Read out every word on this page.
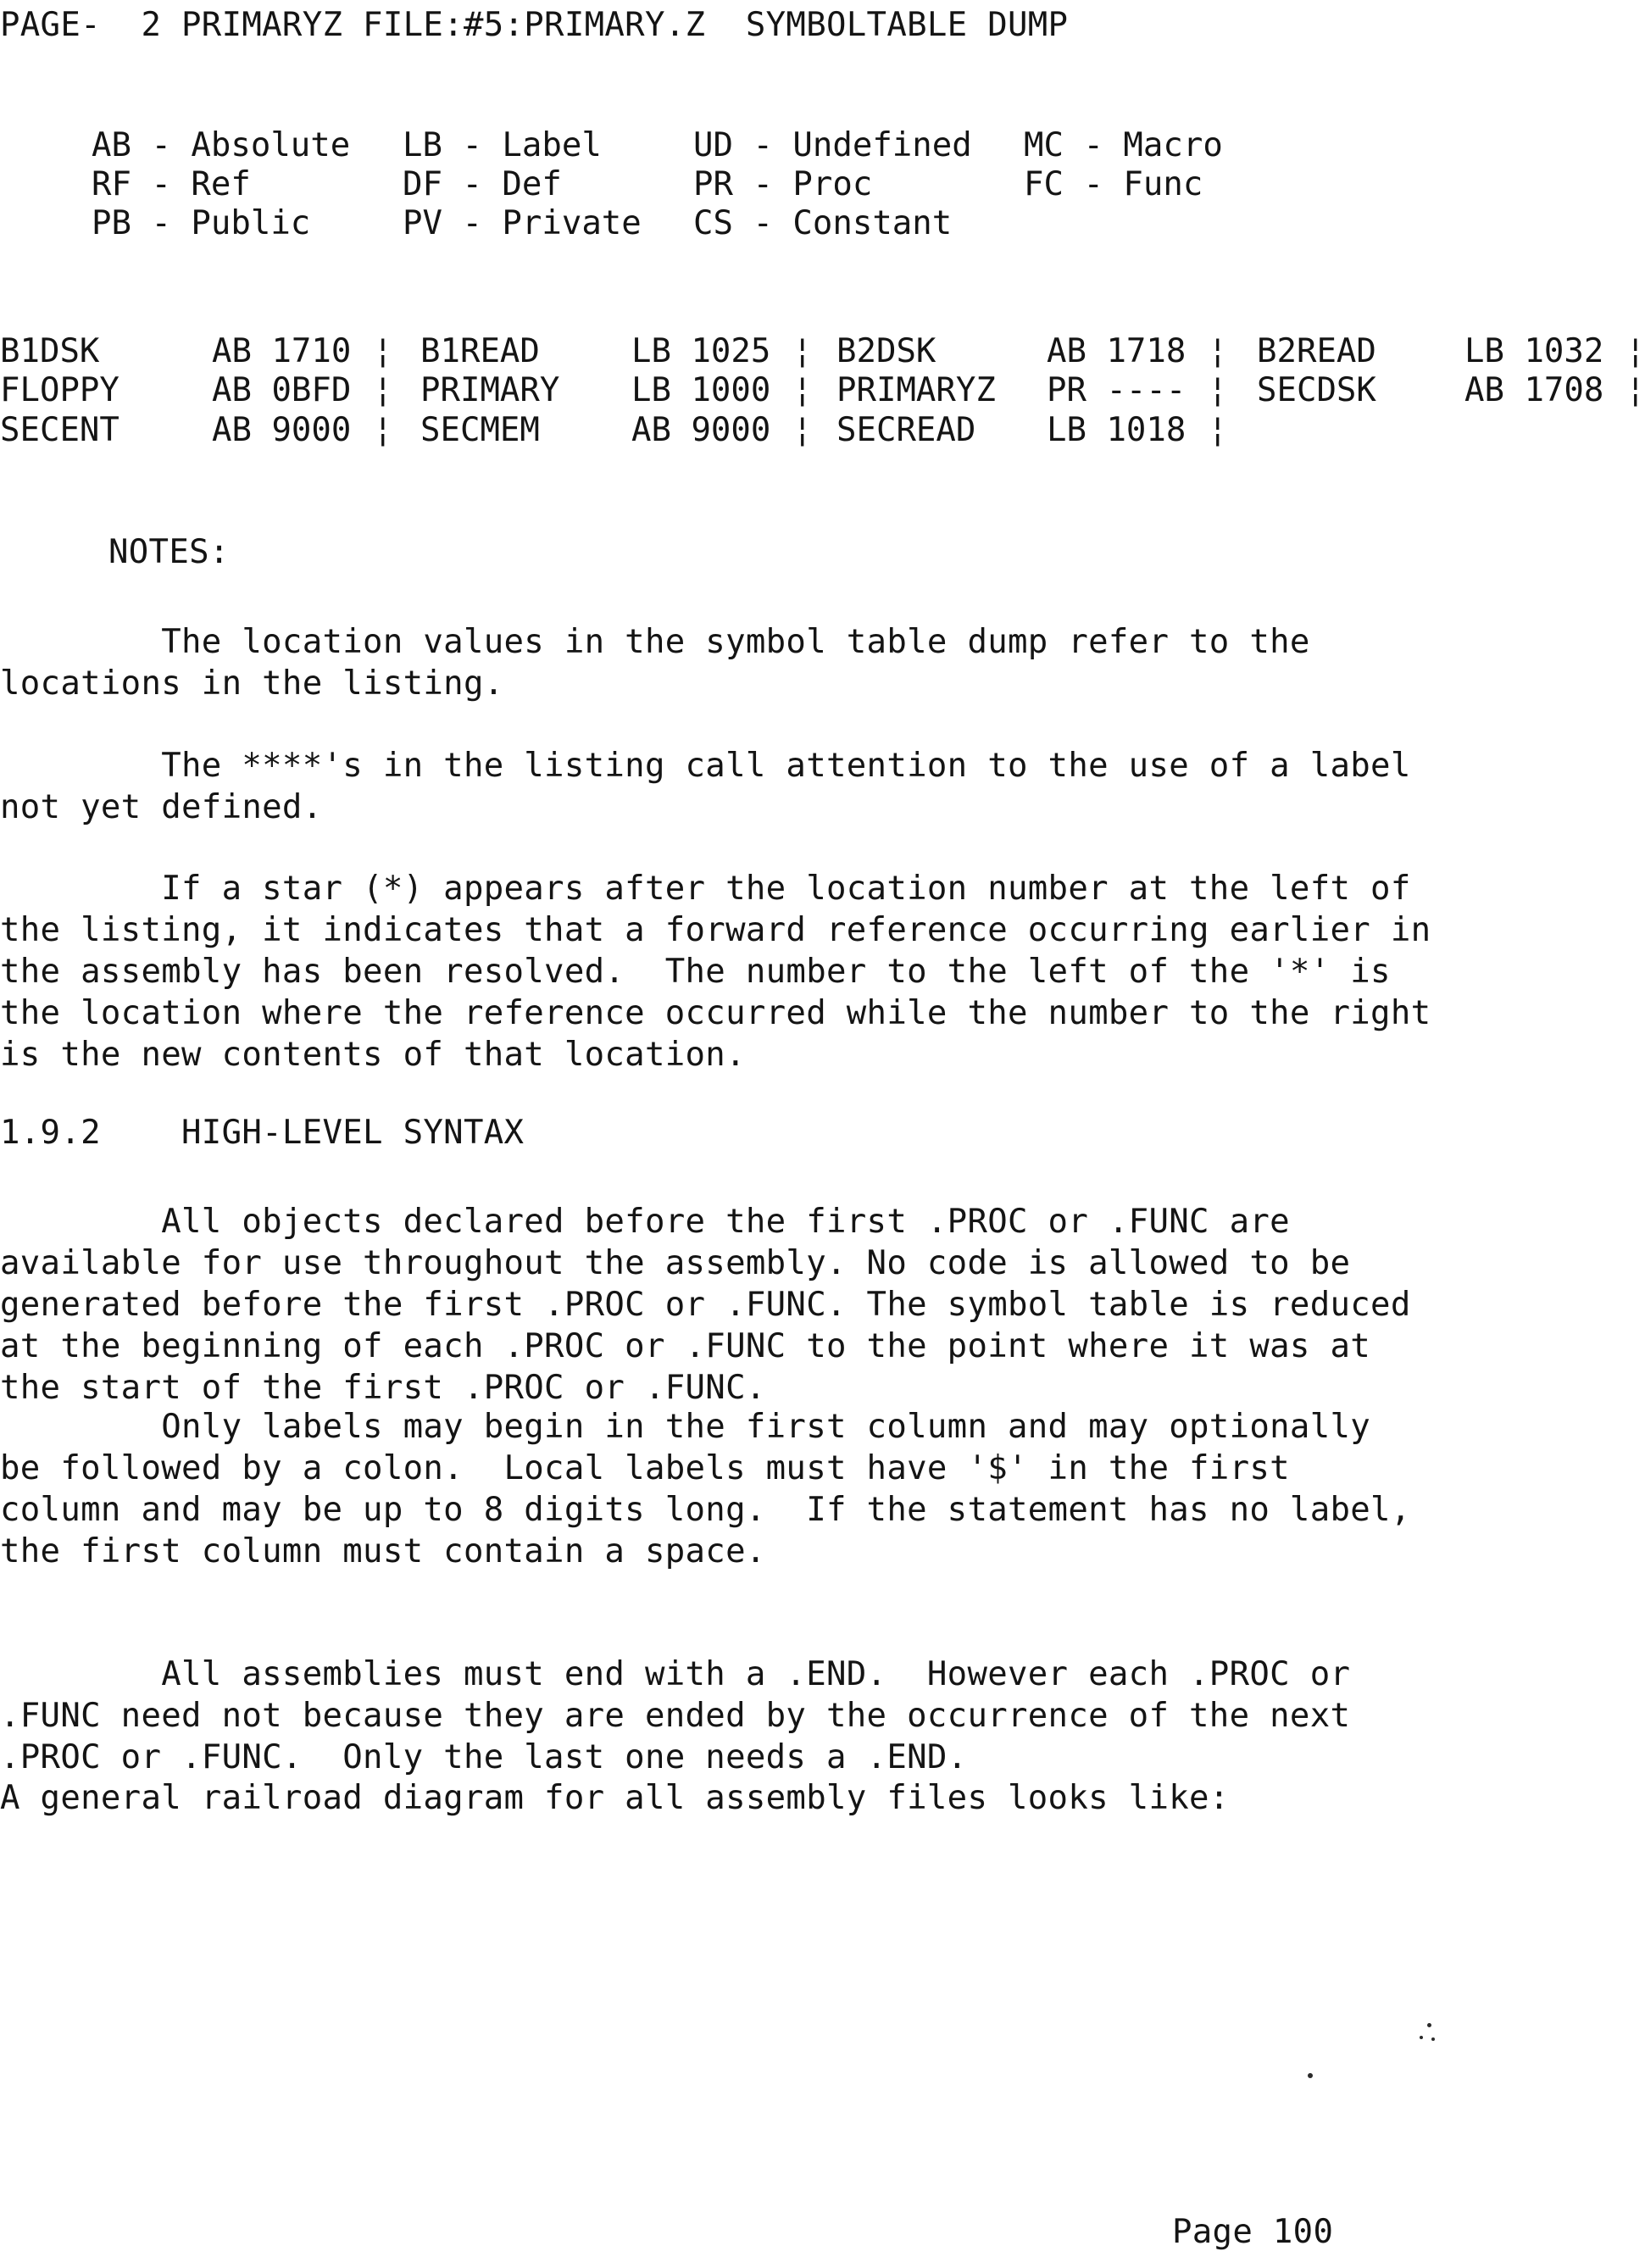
PAGE-  2 PRIMARYZ FILE:#5:PRIMARY.Z  SYMBOLTABLE DUMP
AB - Absolute LB - Label	UD - Undefined MC - Macro
RF - Ref	DF - Def	PR - Proc	FC - Func
PB - Public	PV - Private CS - Constant
B1DSK	AB 1710 ¦ B1READ	LB 1025 ¦ B2DSK	AB 1718 ¦ B2READ	LB 1032 ¦
FLOPPY	AB 0BFD ¦ PRIMARY LB 1000 ¦ PRIMARYZ PR ---- ¦ SECDSK	AB 1708 ¦
SECENT	AB 9000 ¦ SECMEM	AB 9000 ¦ SECREAD LB 1018 ¦
NOTES:
The location values in the symbol table dump refer to the
locations in the listing.
The ****'s in the listing call attention to the use of a label
not yet defined.
If a star (*) appears after the location number at the left of
the listing, it indicates that a forward reference occurring earlier in
the assembly has been resolved.  The number to the left of the '*' is
the location where the reference occurred while the number to the right
is the new contents of that location.
1.9.2    HIGH-LEVEL SYNTAX
All objects declared before the first .PROC or .FUNC are
available for use throughout the assembly. No code is allowed to be
generated before the first .PROC or .FUNC. The symbol table is reduced
at the beginning of each .PROC or .FUNC to the point where it was at
the start of the first .PROC or .FUNC.
Only labels may begin in the first column and may optionally
be followed by a colon.  Local labels must have '$' in the first
column and may be up to 8 digits long.  If the statement has no label,
the first column must contain a space.
All assemblies must end with a .END.  However each .PROC or
.FUNC need not because they are ended by the occurrence of the next
.PROC or .FUNC.  Only the last one needs a .END.
A general railroad diagram for all assembly files looks like:
Page 100
